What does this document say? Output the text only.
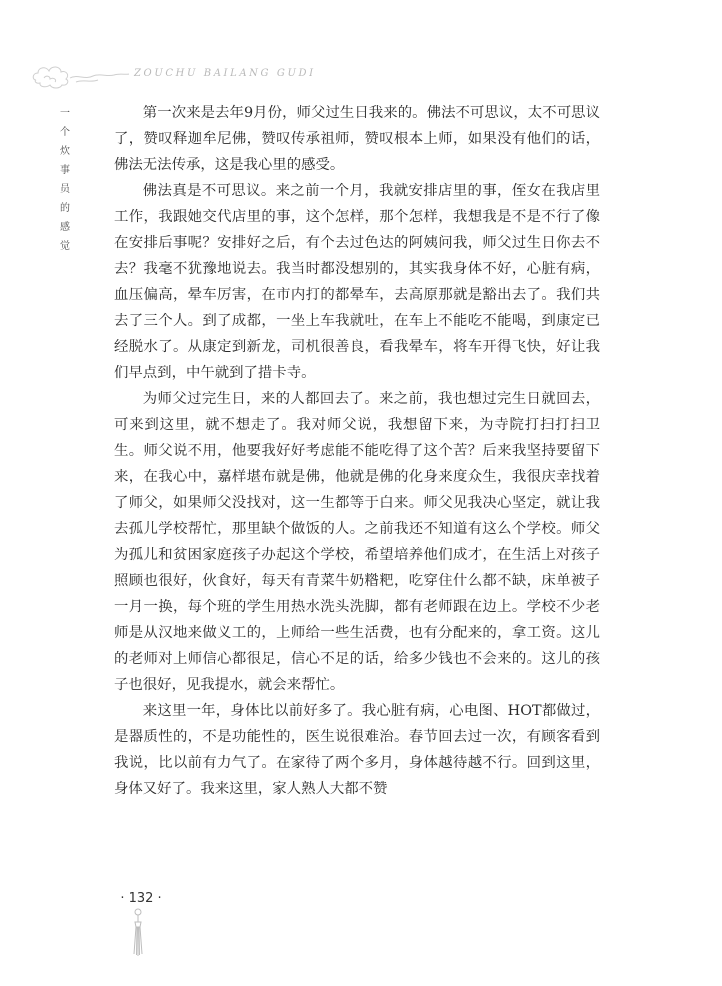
ZOUCHU BAILANG GUDI
一个炊事员的感觉

第一次来是去年9月份，师父过生日我来的。佛法不可思议，太不可思议了，赞叹释迦牟尼佛，赞叹传承祖师，赞叹根本上师，如果没有他们的话，佛法无法传承，这是我心里的感受。

佛法真是不可思议。来之前一个月，我就安排店里的事，侄女在我店里工作，我跟她交代店里的事，这个怎样，那个怎样，我想我是不是不行了像在安排后事呢？安排好之后，有个去过色达的阿姨问我，师父过生日你去不去？我毫不犹豫地说去。我当时都没想别的，其实我身体不好，心脏有病，血压偏高，晕车厉害，在市内打的都晕车，去高原那就是豁出去了。我们共去了三个人。到了成都，一坐上车我就吐，在车上不能吃不能喝，到康定已经脱水了。从康定到新龙，司机很善良，看我晕车，将车开得飞快，好让我们早点到，中午就到了措卡寺。

为师父过完生日，来的人都回去了。来之前，我也想过完生日就回去，可来到这里，就不想走了。我对师父说，我想留下来，为寺院打扫打扫卫生。师父说不用，他要我好好考虑能不能吃得了这个苦？后来我坚持要留下来，在我心中，嘉样堪布就是佛，他就是佛的化身来度众生，我很庆幸找着了师父，如果师父没找对，这一生都等于白来。师父见我决心坚定，就让我去孤儿学校帮忙，那里缺个做饭的人。之前我还不知道有这么个学校。师父为孤儿和贫困家庭孩子办起这个学校，希望培养他们成才，在生活上对孩子照顾也很好，伙食好，每天有青菜牛奶糌粑，吃穿住什么都不缺，床单被子一月一换，每个班的学生用热水洗头洗脚，都有老师跟在边上。学校不少老师是从汉地来做义工的，上师给一些生活费，也有分配来的，拿工资。这儿的老师对上师信心都很足，信心不足的话，给多少钱也不会来的。这儿的孩子也很好，见我提水，就会来帮忙。

来这里一年，身体比以前好多了。我心脏有病，心电图、HOT都做过，是器质性的，不是功能性的，医生说很难治。春节回去过一次，有顾客看到我说，比以前有力气了。在家待了两个多月，身体越待越不行。回到这里，身体又好了。我来这里，家人熟人大都不赞

· 132 ·
